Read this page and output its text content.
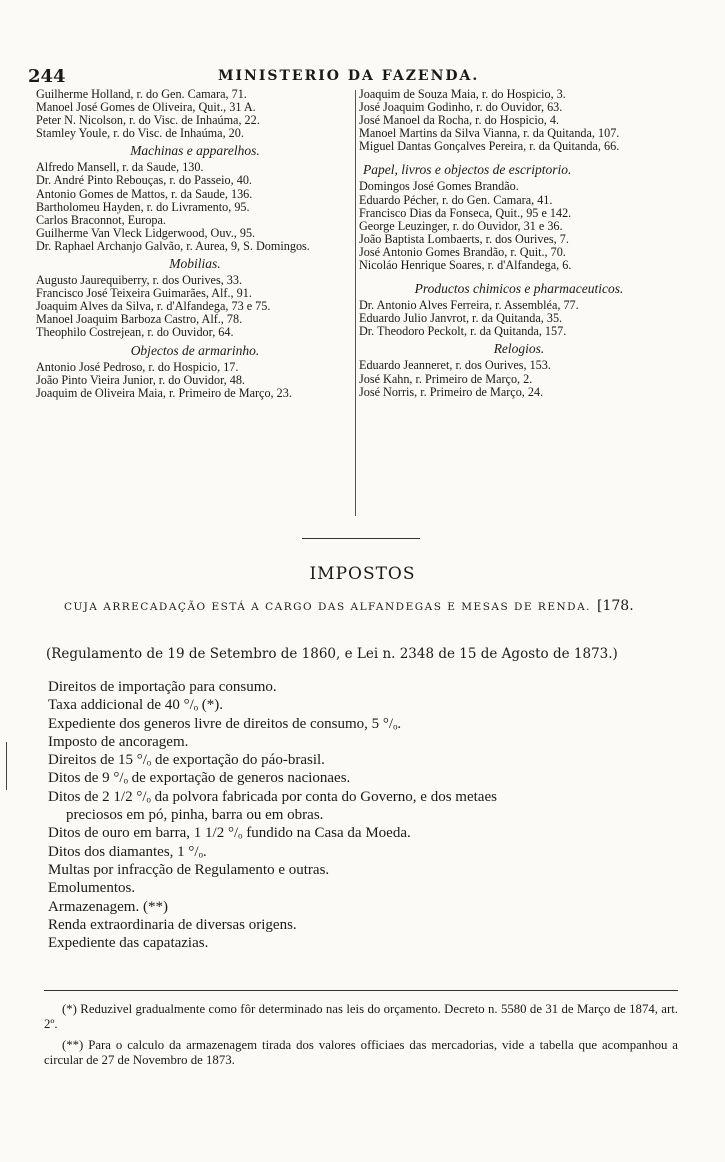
244	MINISTERIO DA FAZENDA.
Guilherme Holland, r. do Gen. Camara, 71.
Manoel José Gomes de Oliveira, Quit., 31 A.
Peter N. Nicolson, r. do Visc. de Inhaúma, 22.
Stamley Youle, r. do Visc. de Inhaúma, 20.
Machinas e apparelhos.
Alfredo Mansell, r. da Saude, 130.
Dr. André Pinto Rebouças, r. do Passeio, 40.
Antonio Gomes de Mattos, r. da Saude, 136.
Bartholomeu Hayden, r. do Livramento, 95.
Carlos Braconnot, Europa.
Guilherme Van Vleck Lidgerwood, Ouv., 95.
Dr. Raphael Archanjo Galvão, r. Aurea, 9, S. Domingos.
Mobilias.
Augusto Jaurequiberry, r. dos Ourives, 33.
Francisco José Teixeira Guimarães, Alf., 91.
Joaquim Alves da Silva, r. d'Alfandega, 73 e 75.
Manoel Joaquim Barboza Castro, Alf., 78.
Theophilo Costrejean, r. do Ouvidor, 64.
Objectos de armarinho.
Antonio José Pedroso, r. do Hospicio, 17.
João Pinto Vieira Junior, r. do Ouvidor, 48.
Joaquim de Oliveira Maia, r. Primeiro de Março, 23.
Joaquim de Souza Maia, r. do Hospicio, 3.
José Joaquim Godinho, r. do Ouvidor, 63.
José Manoel da Rocha, r. do Hospicio, 4.
Manoel Martins da Silva Vianna, r. da Quitanda, 107.
Miguel Dantas Gonçalves Pereira, r. da Quitanda, 66.
Papel, livros e objectos de escriptorio.
Domingos José Gomes Brandão.
Eduardo Pécher, r. do Gen. Camara, 41.
Francisco Dias da Fonseca, Quit., 95 e 142.
George Leuzinger, r. do Ouvidor, 31 e 36.
João Baptista Lombaerts, r. dos Ourives, 7.
José Antonio Gomes Brandão, r. Quit., 70.
Nicoláo Henrique Soares, r. d'Alfandega, 6.
Productos chimicos e pharmaceuticos.
Dr. Antonio Alves Ferreira, r. Assembléa, 77.
Eduardo Julio Janvrot, r. da Quitanda, 35.
Dr. Theodoro Peckolt, r. da Quitanda, 157.
Relogios.
Eduardo Jeanneret, r. dos Ourives, 153.
José Kahn, r. Primeiro de Março, 2.
José Norris, r. Primeiro de Março, 24.
IMPOSTOS
CUJA ARRECADAÇÃO ESTÁ A CARGO DAS ALFANDEGAS E MESAS DE RENDA. [178.
(Regulamento de 19 de Setembro de 1860, e Lei n. 2348 de 15 de Agosto de 1873.)
Direitos de importação para consumo.
Taxa addicional de 40 °/ₒ (*).
Expediente dos generos livre de direitos de consumo, 5 °/ₒ.
Imposto de ancoragem.
Direitos de 15 °/ₒ de exportação do páo-brasil.
Ditos de 9 °/ₒ de exportação de generos nacionaes.
Ditos de 2 1/2 °/ₒ da polvora fabricada por conta do Governo, e dos metaes
preciosos em pó, pinha, barra ou em obras.
Ditos de ouro em barra, 1 1/2 °/ₒ fundido na Casa da Moeda.
Ditos dos diamantes, 1 °/ₒ.
Multas por infracção de Regulamento e outras.
Emolumentos.
Armazenagem. (**)
Renda extraordinaria de diversas origens.
Expediente das capatazias.
(*) Reduzivel gradualmente como fôr determinado nas leis do orçamento. Decreto n. 5580 de 31 de Março de 1874, art. 2º.
(**) Para o calculo da armazenagem tirada dos valores officiaes das mercadorias, vide a tabella que acompanhou a circular de 27 de Novembro de 1873.
